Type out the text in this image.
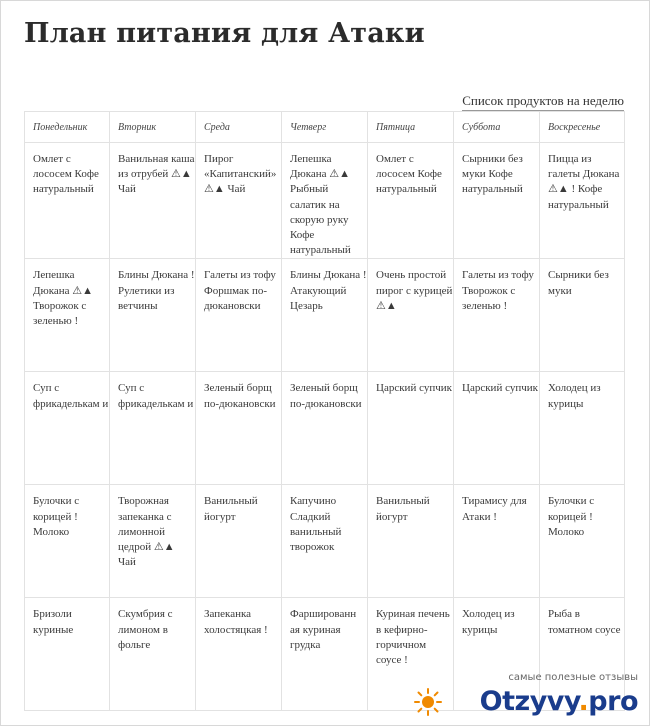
План питания для Атаки
Список продуктов на неделю
Понедельник	Вторник	Среда	Четверг	Пятница	Суббота	Воскресенье

Омлет с лососем Кофе натуральный	Ванильная каша из отрубей ⚠▲ Чай	Пирог «Капитанский» ⚠▲ Чай	Лепешка Дюкана ⚠▲ Рыбный салатик на скорую руку Кофе натуральный	Омлет с лососем Кофе натуральный	Сырники без муки Кофе натуральный	Пицца из галеты Дюкана ⚠▲ ! Кофе натуральный

Лепешка Дюкана ⚠▲ Творожок с зеленью !	Блины Дюкана ! Рулетики из ветчины	Галеты из тофу Форшмак по-дюкановски	Блины Дюкана ! Атакующий Цезарь	Очень простой пирог с курицей ⚠▲	Галеты из тофу Творожок с зеленью !	Сырники без муки

Суп с фрикаделькам и	Суп с фрикаделькам и	Зеленый борщ по-дюкановски	Зеленый борщ по-дюкановски	Царский супчик	Царский супчик	Холодец из курицы

Булочки с корицей ! Молоко	Творожная запеканка с лимонной цедрой ⚠▲ Чай	Ванильный йогурт	Капучино Сладкий ванильный творожок	Ванильный йогурт	Тирамису для Атаки !	Булочки с корицей ! Молоко

Бризоли куриные	Скумбрия с лимоном в фольге	Запеканка холостяцкая !	Фаршированн ая куриная грудка	Куриная печень в кефирно-горчичном соусе !	Холодец из курицы	Рыба в томатном соусе
самые полезные отзывы
Otzyvy.pro
